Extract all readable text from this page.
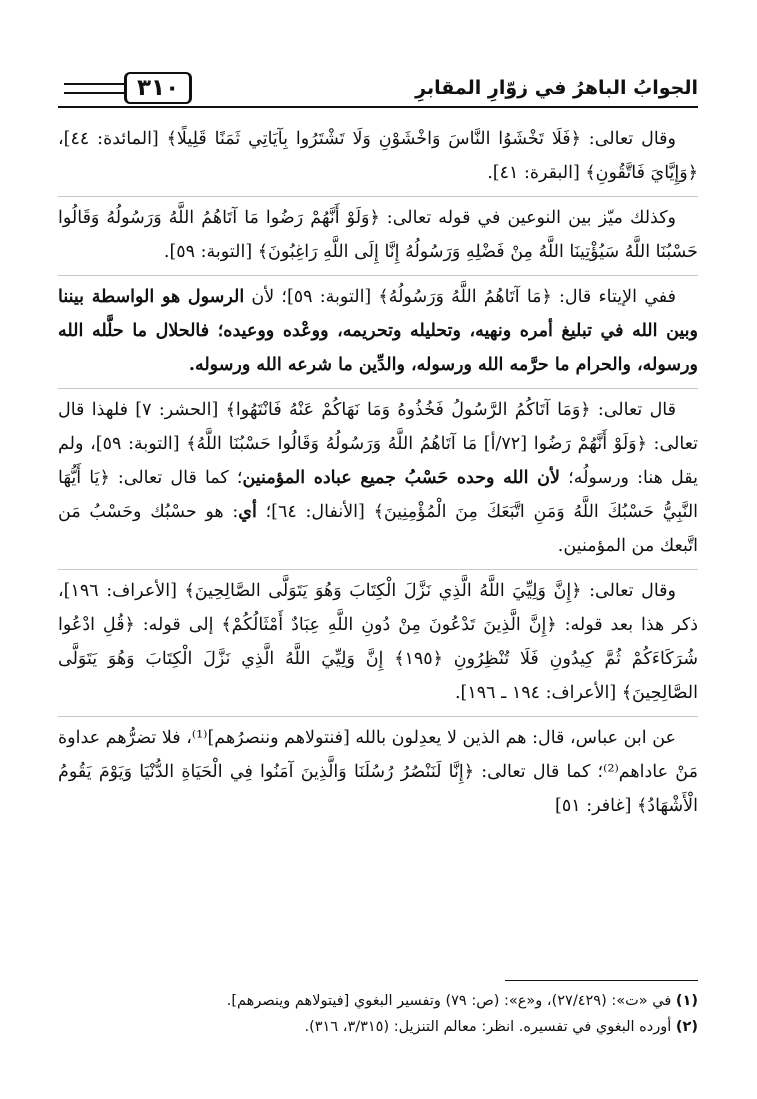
الجوابُ الباهرُ في زوّارِ المقابرِ
٣١٠

وقال تعالى: ﴿فَلَا تَخْشَوُا النَّاسَ وَاخْشَوْنِ وَلَا تَشْتَرُوا بِآيَاتِي ثَمَنًا قَلِيلًا﴾ [المائدة: ٤٤]، ﴿وَإِيَّايَ فَاتَّقُونِ﴾ [البقرة: ٤١].

وكذلك ميّز بين النوعين في قوله تعالى: ﴿وَلَوْ أَنَّهُمْ رَضُوا مَا آتَاهُمُ اللَّهُ وَرَسُولُهُ وَقَالُوا حَسْبُنَا اللَّهُ سَيُؤْتِينَا اللَّهُ مِنْ فَضْلِهِ وَرَسُولُهُ إِنَّا إِلَى اللَّهِ رَاغِبُونَ﴾ [التوبة: ٥٩].

ففي الإيتاء قال: ﴿مَا آتَاهُمُ اللَّهُ وَرَسُولُهُ﴾ [التوبة: ٥٩]؛ لأن الرسول هو الواسطة بيننا وبين الله في تبليغ أمره ونهيه، وتحليله وتحريمه، ووعْده ووعيده؛ فالحلال ما حلَّله الله ورسوله، والحرام ما حرَّمه الله ورسوله، والدِّين ما شرعه الله ورسوله.

قال تعالى: ﴿وَمَا آتَاكُمُ الرَّسُولُ فَخُذُوهُ وَمَا نَهَاكُمْ عَنْهُ فَانْتَهُوا﴾ [الحشر: ٧] فلهذا قال تعالى: ﴿وَلَوْ أَنَّهُمْ رَضُوا [٧٢/أ] مَا آتَاهُمُ اللَّهُ وَرَسُولُهُ وَقَالُوا حَسْبُنَا اللَّهُ﴾ [التوبة: ٥٩]، ولم يقل هنا: ورسولُه؛ لأن الله وحده حَسْبُ جميع عباده المؤمنين؛ كما قال تعالى: ﴿يَا أَيُّهَا النَّبِيُّ حَسْبُكَ اللَّهُ وَمَنِ اتَّبَعَكَ مِنَ الْمُؤْمِنِينَ﴾ [الأنفال: ٦٤]؛ أي: هو حسْبُك وحَسْبُ مَن اتَّبعك من المؤمنين.

وقال تعالى: ﴿إِنَّ وَلِيِّيَ اللَّهُ الَّذِي نَزَّلَ الْكِتَابَ وَهُوَ يَتَوَلَّى الصَّالِحِينَ﴾ [الأعراف: ١٩٦]، ذكر هذا بعد قوله: ﴿إِنَّ الَّذِينَ تَدْعُونَ مِنْ دُونِ اللَّهِ عِبَادٌ أَمْثَالُكُمْ﴾ إلى قوله: ﴿قُلِ ادْعُوا شُرَكَاءَكُمْ ثُمَّ كِيدُونِ فَلَا تُنْظِرُونِ ﴿١٩٥﴾ إِنَّ وَلِيِّيَ اللَّهُ الَّذِي نَزَّلَ الْكِتَابَ وَهُوَ يَتَوَلَّى الصَّالِحِينَ﴾ [الأعراف: ١٩٤ ـ ١٩٦].

عن ابن عباس، قال: هم الذين لا يعدِلون بالله [فنتولاهم وننصرُهم]⁽¹⁾، فلا تضرُّهم عداوة مَنْ عاداهم⁽²⁾؛ كما قال تعالى: ﴿إِنَّا لَنَنْصُرُ رُسُلَنَا وَالَّذِينَ آمَنُوا فِي الْحَيَاةِ الدُّنْيَا وَيَوْمَ يَقُومُ الْأَشْهَادُ﴾ [غافر: ٥١]

(١) في «ت»: (٢٧/٤٢٩)، و«ع»: (ص: ٧٩) وتفسير البغوي [فيتولاهم وينصرهم].

(٢) أورده البغوي في تفسيره. انظر: معالم التنزيل: (٣/٣١٥، ٣١٦).
